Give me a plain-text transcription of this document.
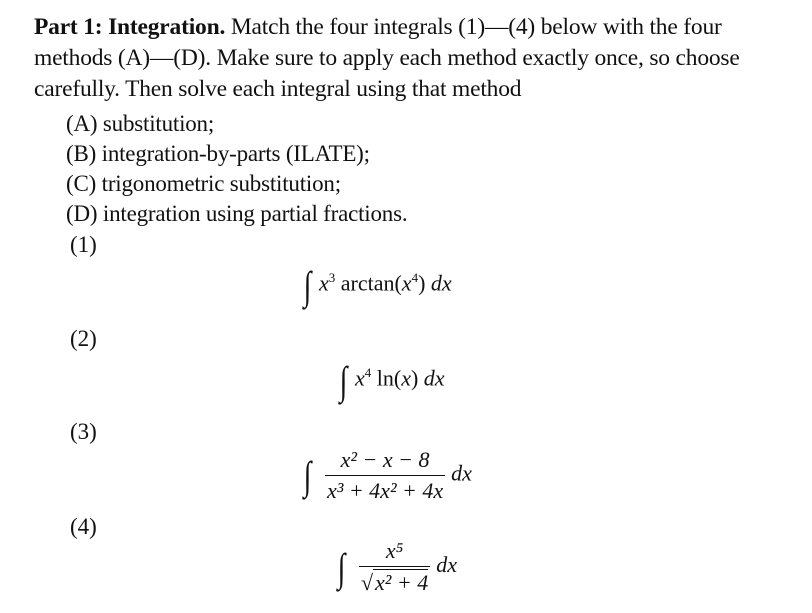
Part 1: Integration. Match the four integrals (1)—(4) below with the four methods (A)—(D). Make sure to apply each method exactly once, so choose carefully. Then solve each integral using that method
(A) substitution;
(B) integration-by-parts (ILATE);
(C) trigonometric substitution;
(D) integration using partial fractions.
(1)
∫ $x^3$ $\arctan(x^4)$ dx
(2)
∫ $x^4$ ln(x) dx
(3)
∫ $\frac{\text{x² − x − 8}}{\text{x³ + 4x² + 4x}}$ dx
(4)
∫ $\frac{\text{x⁵}}{\text{√x² + 4}}$ dx
